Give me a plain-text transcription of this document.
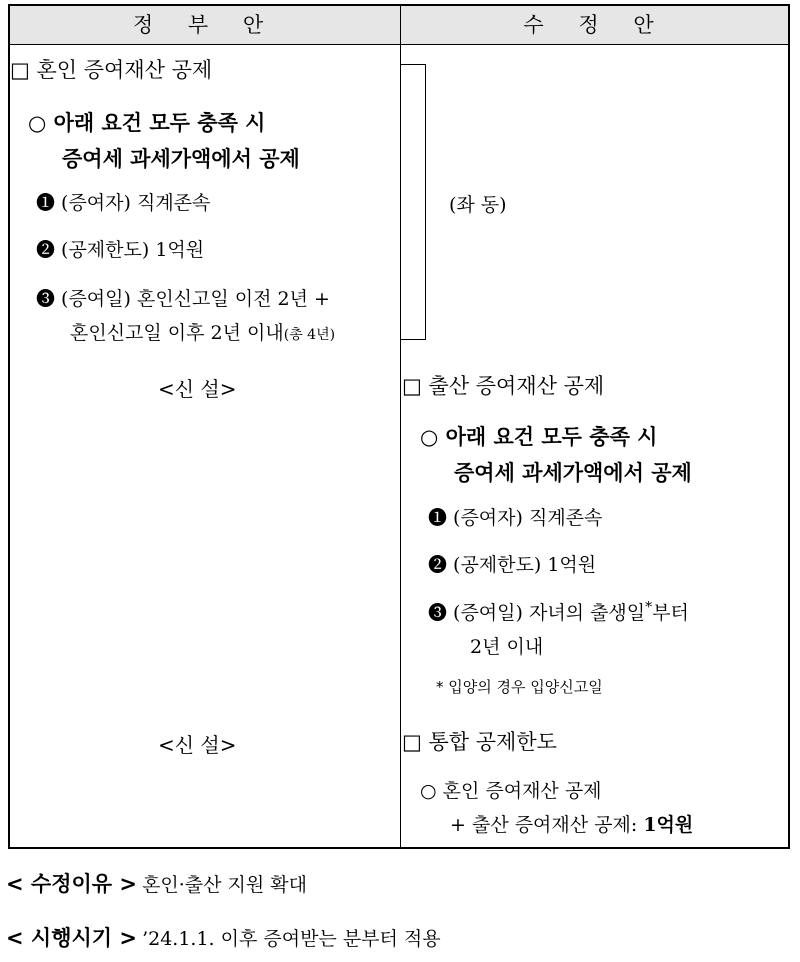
정 부 안	수 정 안
□ 혼인 증여재산 공제
○ 아래 요건 모두 충족 시
증여세 과세가액에서 공제
❶ (증여자) 직계존속
❷ (공제한도) 1억원
❸ (증여일) 혼인신고일 이전 2년 +
혼인신고일 이후 2년 이내(총 4년)
<신 설>
<신 설>
(좌 동)
□ 출산 증여재산 공제
○ 아래 요건 모두 충족 시
증여세 과세가액에서 공제
❶ (증여자) 직계존속
❷ (공제한도) 1억원
❸ (증여일) 자녀의 출생일*부터
2년 이내
* 입양의 경우 입양신고일
□ 통합 공제한도
○ 혼인 증여재산 공제
+ 출산 증여재산 공제: 1억원
< 수정이유 > 혼인·출산 지원 확대
< 시행시기 > ’24.1.1. 이후 증여받는 분부터 적용
